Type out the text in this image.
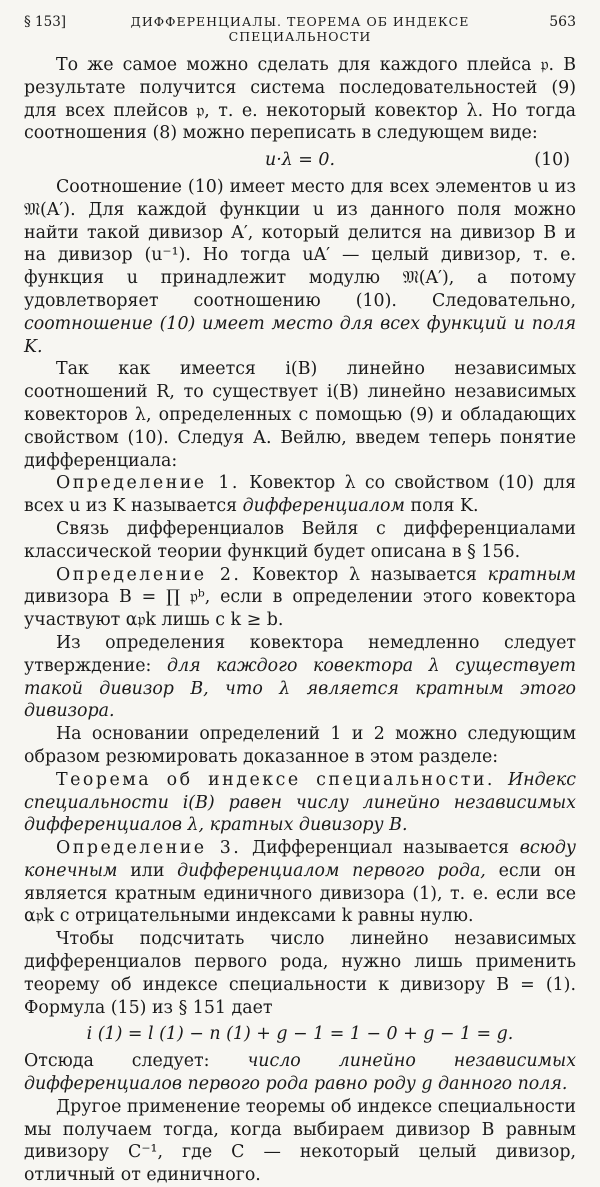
§ 153]	ДИФФЕРЕНЦИАЛЫ. ТЕОРЕМА ОБ ИНДЕКСЕ СПЕЦИАЛЬНОСТИ
563

То же самое можно сделать для каждого плейса 𝔭. В результате получится система последовательностей (9) для всех плейсов 𝔭, т. е. некоторый ковектор λ. Но тогда соотношения (8) можно переписать в следующем виде:

u·λ = 0.	(10)

Соотношение (10) имеет место для всех элементов u из 𝔐(A′). Для каждой функции u из данного поля можно найти такой дивизор A′, который делится на дивизор B и на дивизор (u⁻¹). Но тогда uA′ — целый дивизор, т. е. функция u принадлежит модулю 𝔐(A′), а потому удовлетворяет соотношению (10). Следовательно, соотношение (10) имеет место для всех функций и поля K.

Так как имеется i(B) линейно независимых соотношений R, то существует i(B) линейно независимых ковекторов λ, определенных с помощью (9) и обладающих свойством (10). Следуя А. Вейлю, введем теперь понятие дифференциала:

Определение 1. Ковектор λ со свойством (10) для всех u из K называется дифференциалом поля K.

Связь дифференциалов Вейля с дифференциалами классической теории функций будет описана в § 156.

Определение 2. Ковектор λ называется кратным дивизора B = ∏ 𝔭ᵇ, если в определении этого ковектора участвуют α𝔭k лишь с k ≥ b.

Из определения ковектора немедленно следует утверждение: для каждого ковектора λ существует такой дивизор B, что λ является кратным этого дивизора.

На основании определений 1 и 2 можно следующим образом резюмировать доказанное в этом разделе:

Теорема об индексе специальности. Индекс специальности i(B) равен числу линейно независимых дифференциалов λ, кратных дивизору B.

Определение 3. Дифференциал называется всюду конечным или дифференциалом первого рода, если он является кратным единичного дивизора (1), т. е. если все α𝔭k с отрицательными индексами k равны нулю.

Чтобы подсчитать число линейно независимых дифференциалов первого рода, нужно лишь применить теорему об индексе специальности к дивизору B = (1). Формула (15) из § 151 дает

i (1) = l (1) − n (1) + g − 1 = 1 − 0 + g − 1 = g.

Отсюда следует: число линейно независимых дифференциалов первого рода равно роду g данного поля.

Другое применение теоремы об индексе специальности мы получаем тогда, когда выбираем дивизор B равным дивизору C⁻¹, где C — некоторый целый дивизор, отличный от единичного.
